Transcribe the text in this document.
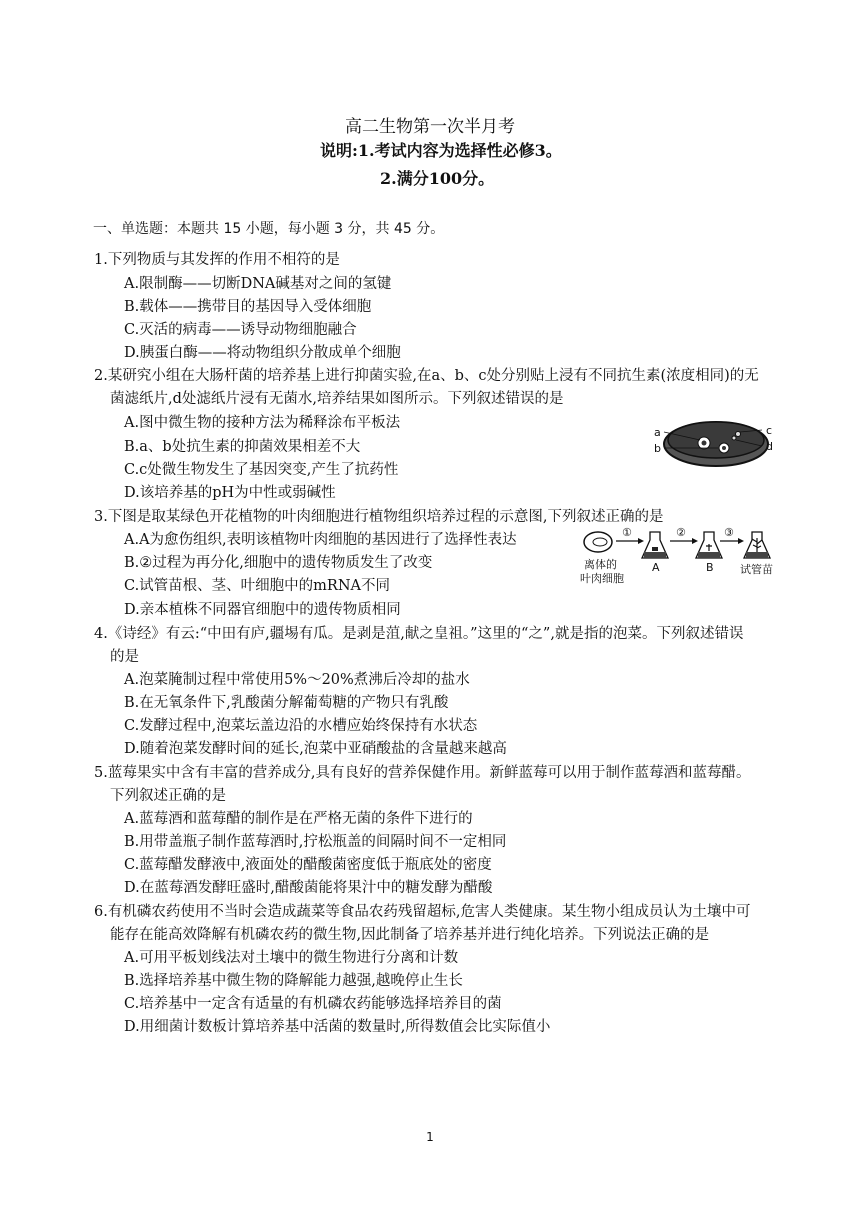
高二生物第一次半月考
说明:1.考试内容为选择性必修3。
2.满分100分。
一、单选题：本题共 15 小题，每小题 3 分，共 45 分。
1.下列物质与其发挥的作用不相符的是
A.限制酶——切断DNA碱基对之间的氢键
B.载体——携带目的基因导入受体细胞
C.灭活的病毒——诱导动物细胞融合
D.胰蛋白酶——将动物组织分散成单个细胞
2.某研究小组在大肠杆菌的培养基上进行抑菌实验,在a、b、c处分别贴上浸有不同抗生素(浓度相同)的无
菌滤纸片,d处滤纸片浸有无菌水,培养结果如图所示。下列叙述错误的是
A.图中微生物的接种方法为稀释涂布平板法
B.a、b处抗生素的抑菌效果相差不大
C.c处微生物发生了基因突变,产生了抗药性
D.该培养基的pH为中性或弱碱性
a
b
c
d
3.下图是取某绿色开花植物的叶肉细胞进行植物组织培养过程的示意图,下列叙述正确的是
A.A为愈伤组织,表明该植物叶肉细胞的基因进行了选择性表达
B.②过程为再分化,细胞中的遗传物质发生了改变
C.试管苗根、茎、叶细胞中的mRNA不同
D.亲本植株不同器官细胞中的遗传物质相同
①	②	③
离体的
叶肉细胞
A	B 试管苗
4.《诗经》有云:“中田有庐,疆埸有瓜。是剥是菹,献之皇祖。”这里的“之”,就是指的泡菜。下列叙述错误
的是
A.泡菜腌制过程中常使用5%～20%煮沸后冷却的盐水
B.在无氧条件下,乳酸菌分解葡萄糖的产物只有乳酸
C.发酵过程中,泡菜坛盖边沿的水槽应始终保持有水状态
D.随着泡菜发酵时间的延长,泡菜中亚硝酸盐的含量越来越高
5.蓝莓果实中含有丰富的营养成分,具有良好的营养保健作用。新鲜蓝莓可以用于制作蓝莓酒和蓝莓醋。
下列叙述正确的是
A.蓝莓酒和蓝莓醋的制作是在严格无菌的条件下进行的
B.用带盖瓶子制作蓝莓酒时,拧松瓶盖的间隔时间不一定相同
C.蓝莓醋发酵液中,液面处的醋酸菌密度低于瓶底处的密度
D.在蓝莓酒发酵旺盛时,醋酸菌能将果汁中的糖发酵为醋酸
6.有机磷农药使用不当时会造成蔬菜等食品农药残留超标,危害人类健康。某生物小组成员认为土壤中可
能存在能高效降解有机磷农药的微生物,因此制备了培养基并进行纯化培养。下列说法正确的是
A.可用平板划线法对土壤中的微生物进行分离和计数
B.选择培养基中微生物的降解能力越强,越晚停止生长
C.培养基中一定含有适量的有机磷农药能够选择培养目的菌
D.用细菌计数板计算培养基中活菌的数量时,所得数值会比实际值小
1
